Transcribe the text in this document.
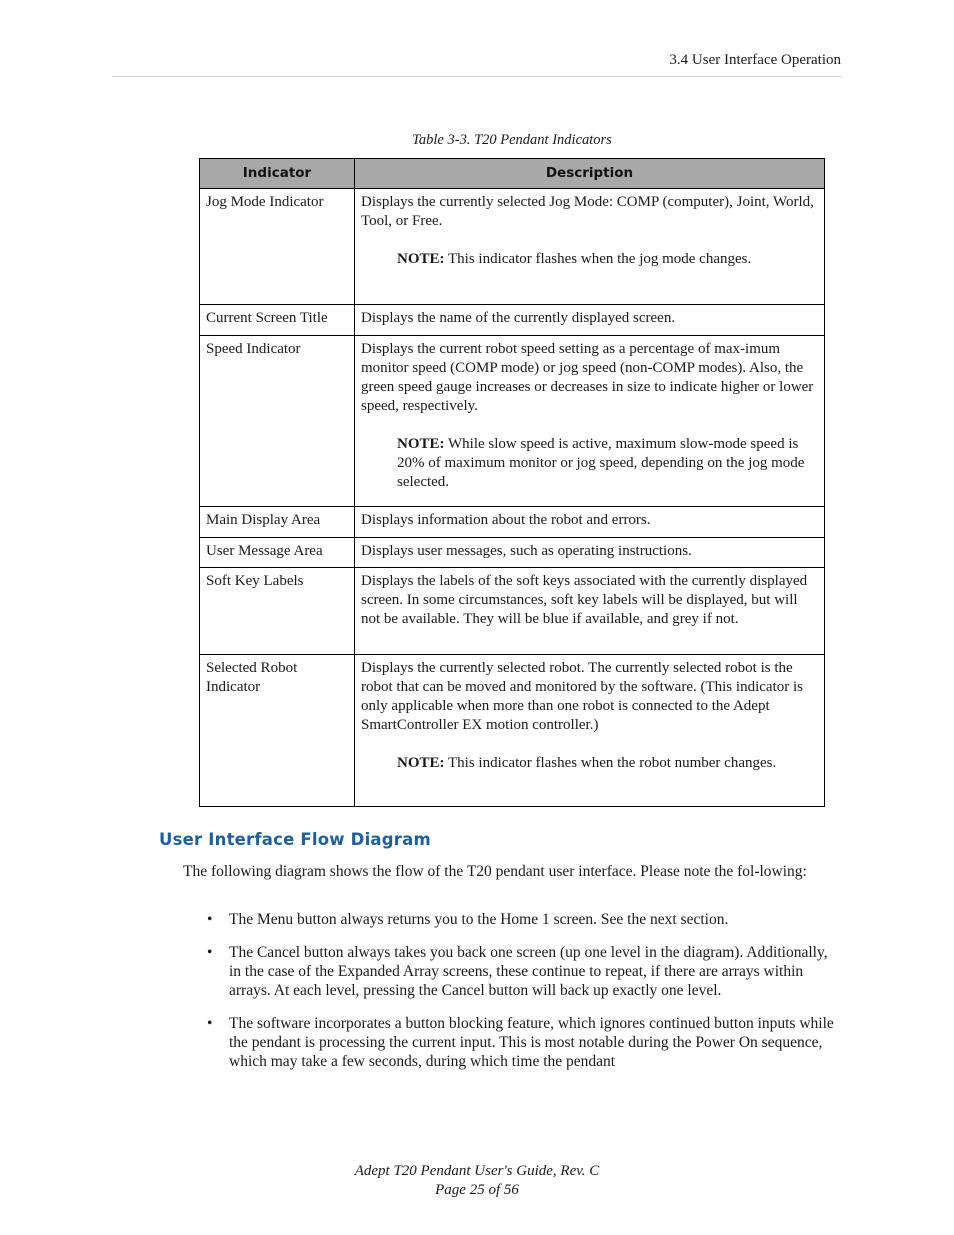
3.4 User Interface Operation
Table 3-3. T20 Pendant Indicators
Indicator	Description
Jog Mode Indicator	Displays the currently selected Jog Mode: COMP (computer), Joint, World, Tool, or Free.
NOTE: This indicator flashes when the jog mode changes.

Current Screen Title	Displays the name of the currently displayed screen.
Speed Indicator	Displays the current robot speed setting as a percentage of max-imum monitor speed (COMP mode) or jog speed (non-COMP modes). Also, the green speed gauge increases or decreases in size to indicate higher or lower speed, respectively.
NOTE: While slow speed is active, maximum slow-mode speed is 20% of maximum monitor or jog speed, depending on the jog mode selected.

Main Display Area	Displays information about the robot and errors.
User Message Area	Displays user messages, such as operating instructions.
Soft Key Labels	Displays the labels of the soft keys associated with the currently displayed screen. In some circumstances, soft key labels will be displayed, but will not be available. They will be blue if available, and grey if not.
Selected Robot Indicator	Displays the currently selected robot. The currently selected robot is the robot that can be moved and monitored by the software. (This indicator is only applicable when more than one robot is connected to the Adept SmartController EX motion controller.)
NOTE: This indicator flashes when the robot number changes.
User Interface Flow Diagram

The following diagram shows the flow of the T20 pendant user interface. Please note the fol-lowing:

• The Menu button always returns you to the Home 1 screen. See the next section.
• The Cancel button always takes you back one screen (up one level in the diagram). Additionally, in the case of the Expanded Array screens, these continue to repeat, if there are arrays within arrays. At each level, pressing the Cancel button will back up exactly one level.
• The software incorporates a button blocking feature, which ignores continued button inputs while the pendant is processing the current input. This is most notable during the Power On sequence, which may take a few seconds, during which time the pendant
Adept T20 Pendant User's Guide, Rev. C
Page 25 of 56
